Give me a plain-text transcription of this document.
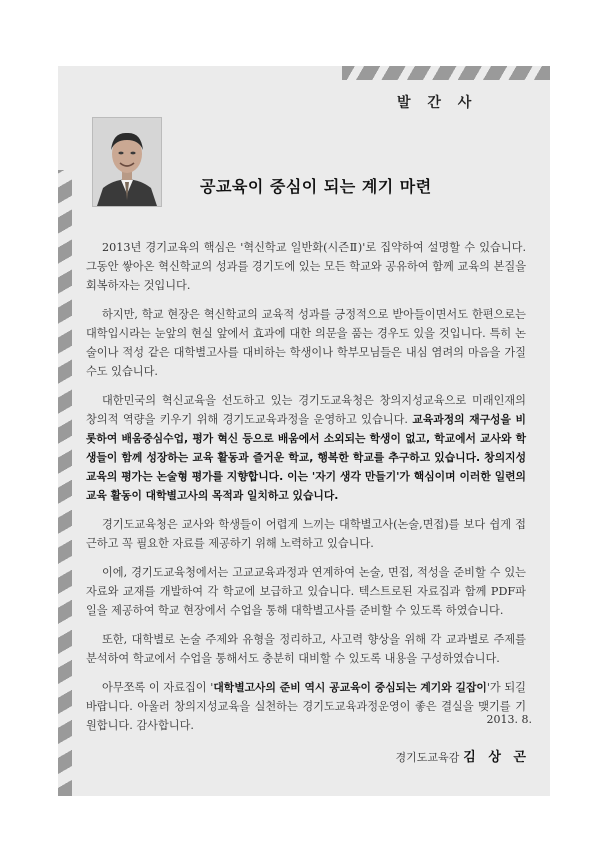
발 간 사
공교육이 중심이 되는 계기 마련

2013년 경기교육의 핵심은 '혁신학교 일반화(시즌Ⅱ)'로 집약하여 설명할 수 있습니다. 그동안 쌓아온 혁신학교의 성과를 경기도에 있는 모든 학교와 공유하여 함께 교육의 본질을 회복하자는 것입니다.

하지만, 학교 현장은 혁신학교의 교육적 성과를 긍정적으로 받아들이면서도 한편으로는 대학입시라는 눈앞의 현실 앞에서 효과에 대한 의문을 품는 경우도 있을 것입니다. 특히 논술이나 적성 같은 대학별고사를 대비하는 학생이나 학부모님들은 내심 염려의 마음을 가질 수도 있습니다.

대한민국의 혁신교육을 선도하고 있는 경기도교육청은 창의지성교육으로 미래인재의 창의적 역량을 키우기 위해 경기도교육과정을 운영하고 있습니다. 교육과정의 재구성을 비롯하여 배움중심수업, 평가 혁신 등으로 배움에서 소외되는 학생이 없고, 학교에서 교사와 학생들이 함께 성장하는 교육 활동과 즐거운 학교, 행복한 학교를 추구하고 있습니다. 창의지성교육의 평가는 논술형 평가를 지향합니다. 이는 '자기 생각 만들기'가 핵심이며 이러한 일련의 교육 활동이 대학별고사의 목적과 일치하고 있습니다.

경기도교육청은 교사와 학생들이 어렵게 느끼는 대학별고사(논술,면접)를 보다 쉽게 접근하고 꼭 필요한 자료를 제공하기 위해 노력하고 있습니다.

이에, 경기도교육청에서는 고교교육과정과 연계하여 논술, 면접, 적성을 준비할 수 있는 자료와 교재를 개발하여 각 학교에 보급하고 있습니다. 텍스트로된 자료집과 함께 PDF파일을 제공하여 학교 현장에서 수업을 통해 대학별고사를 준비할 수 있도록 하였습니다.

또한, 대학별로 논술 주제와 유형을 정리하고, 사고력 향상을 위해 각 교과별로 주제를 분석하여 학교에서 수업을 통해서도 충분히 대비할 수 있도록 내용을 구성하였습니다.

아무쪼록 이 자료집이 '대학별고사의 준비 역시 공교육이 중심되는 계기와 길잡이'가 되길 바랍니다. 아울러 창의지성교육을 실천하는 경기도교육과정운영이 좋은 결실을 맺기를 기원합니다. 감사합니다.	2013. 8.
경기도교육감 김 상 곤
